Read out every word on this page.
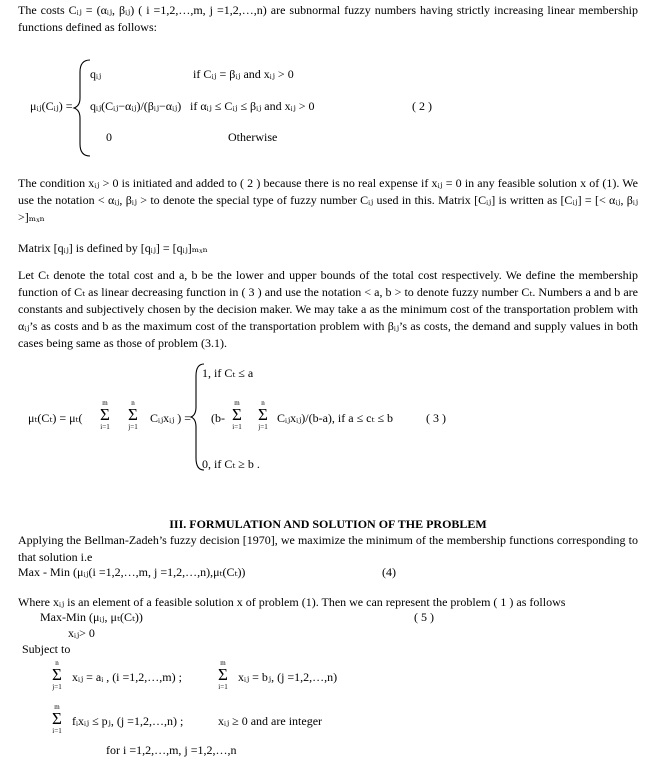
The costs Cᵢⱼ = (αᵢⱼ, βᵢⱼ) ( i =1,2,…,m, j =1,2,…,n) are subnormal fuzzy numbers having strictly increasing linear membership functions defined as follows:
μᵢⱼ(Cᵢⱼ) =
qᵢⱼ	if Cᵢⱼ = βᵢⱼ and xᵢⱼ > 0
qᵢⱼ(Cᵢⱼ−αᵢⱼ)/(βᵢⱼ−αᵢⱼ) if αᵢⱼ ≤ Cᵢⱼ ≤ βᵢⱼ and xᵢⱼ > 0
0	Otherwise
( 2 )
The condition xᵢⱼ > 0 is initiated and added to ( 2 ) because there is no real expense if xᵢⱼ = 0 in any feasible solution x of (1). We use the notation < αᵢⱼ, βᵢⱼ > to denote the special type of fuzzy number Cᵢⱼ used in this. Matrix [Cᵢⱼ] is written as [Cᵢⱼ] = [< αᵢⱼ, βᵢⱼ >]ₘₓₙ
Matrix [qᵢⱼ] is defined by [qᵢⱼ] = [qᵢⱼ]ₘₓₙ
Let Cₜ denote the total cost and a, b be the lower and upper bounds of the total cost respectively. We define the membership function of Cₜ as linear decreasing function in ( 3 ) and use the notation < a, b > to denote fuzzy number Cₜ. Numbers a and b are constants and subjectively chosen by the decision maker. We may take a as the minimum cost of the transportation problem with αᵢⱼ’s as costs and b as the maximum cost of the transportation problem with βᵢⱼ’s as costs, the demand and supply values in both cases being same as those of problem (3.1).
μₜ(Cₜ) = μₜ(
m
Σ
i=1
n
Σ
j=1
Cᵢⱼxᵢⱼ ) =
1, if Cₜ ≤ a
(b-
m
Σ
i=1
n
Σ
j=1
Cᵢⱼxᵢⱼ)/(b-a), if a ≤ cₜ ≤ b
0, if Cₜ ≥ b .
( 3 )
III. FORMULATION AND SOLUTION OF THE PROBLEM
Applying the Bellman-Zadeh’s fuzzy decision [1970], we maximize the minimum of the membership functions corresponding to that solution i.e
Max - Min (μᵢⱼ(i =1,2,…,m, j =1,2,…,n),μₜ(Cₜ))	(4)
Where xᵢⱼ is an element of a feasible solution x of problem (1). Then we can represent the problem ( 1 ) as follows
Max-Min (μᵢⱼ, μₜ(Cₜ))	( 5 )
xᵢⱼ> 0
Subject to
n
Σ
j=1
xᵢⱼ = aᵢ , (i =1,2,…,m) ;
m
Σ
i=1
xᵢⱼ = bⱼ, (j =1,2,…,n)
m
Σ
i=1
fᵢxᵢⱼ ≤ pⱼ, (j =1,2,…,n) ;	xᵢⱼ ≥ 0 and are integer
for i =1,2,…,m, j =1,2,…,n
